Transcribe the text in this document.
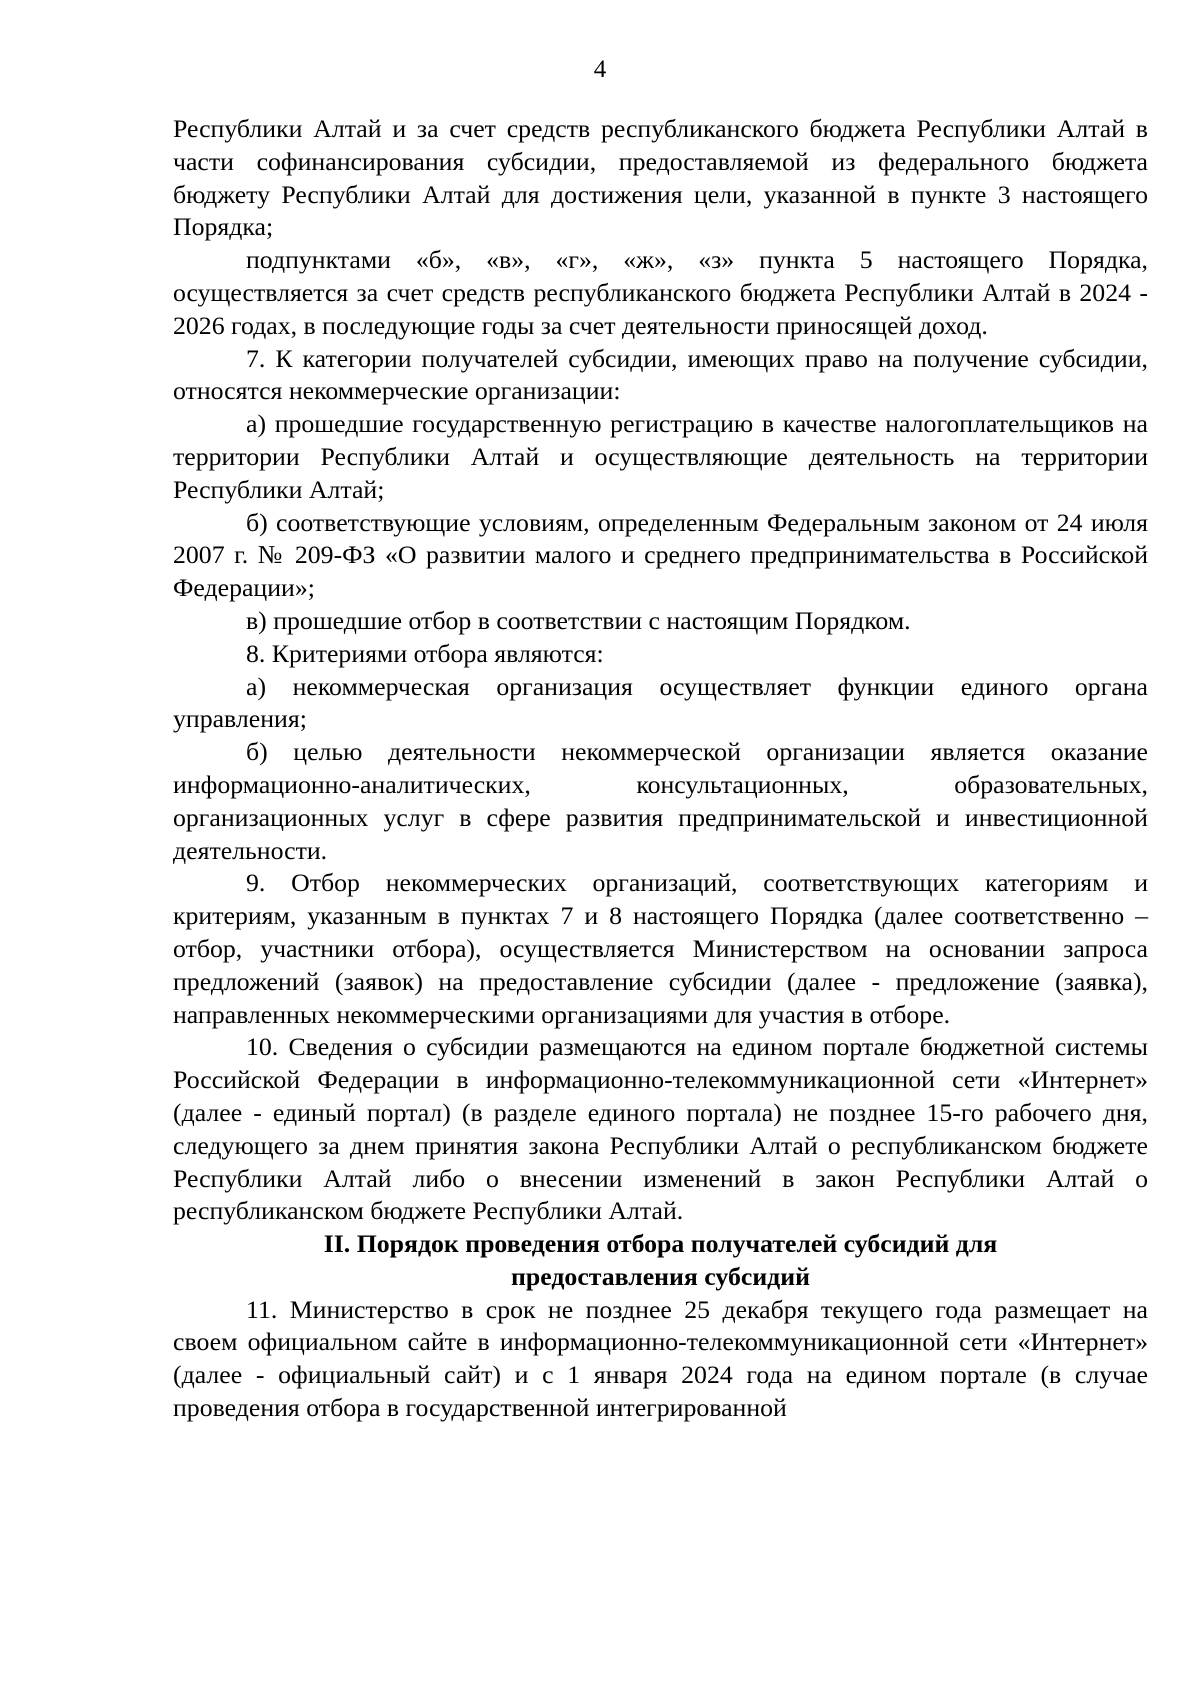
4

Республики Алтай и за счет средств республиканского бюджета Республики Алтай в части софинансирования субсидии, предоставляемой из федерального бюджета бюджету Республики Алтай для достижения цели, указанной в пункте 3 настоящего Порядка;

подпунктами «б», «в», «г», «ж», «з» пункта 5 настоящего Порядка, осуществляется за счет средств республиканского бюджета Республики Алтай в 2024 - 2026 годах, в последующие годы за счет деятельности приносящей доход.

7. К категории получателей субсидии, имеющих право на получение субсидии, относятся некоммерческие организации:

а) прошедшие государственную регистрацию в качестве налогоплательщиков на территории Республики Алтай и осуществляющие деятельность на территории Республики Алтай;

б) соответствующие условиям, определенным Федеральным законом от 24 июля 2007 г. № 209-ФЗ «О развитии малого и среднего предпринимательства в Российской Федерации»;

в) прошедшие отбор в соответствии с настоящим Порядком.

8. Критериями отбора являются:

а) некоммерческая организация осуществляет функции единого органа управления;

б) целью деятельности некоммерческой организации является оказание информационно-аналитических, консультационных, образовательных, организационных услуг в сфере развития предпринимательской и инвестиционной деятельности.

9. Отбор некоммерческих организаций, соответствующих категориям и критериям, указанным в пунктах 7 и 8 настоящего Порядка (далее соответственно – отбор, участники отбора), осуществляется Министерством на основании запроса предложений (заявок) на предоставление субсидии (далее - предложение (заявка), направленных некоммерческими организациями для участия в отборе.

10. Сведения о субсидии размещаются на едином портале бюджетной системы Российской Федерации в информационно-телекоммуникационной сети «Интернет» (далее - единый портал) (в разделе единого портала) не позднее 15-го рабочего дня, следующего за днем принятия закона Республики Алтай о республиканском бюджете Республики Алтай либо о внесении изменений в закон Республики Алтай о республиканском бюджете Республики Алтай.

II. Порядок проведения отбора получателей субсидий для
предоставления субсидий

11. Министерство в срок не позднее 25 декабря текущего года размещает на своем официальном сайте в информационно-телекоммуникационной сети «Интернет» (далее - официальный сайт) и с 1 января 2024 года на едином портале (в случае проведения отбора в государственной интегрированной
